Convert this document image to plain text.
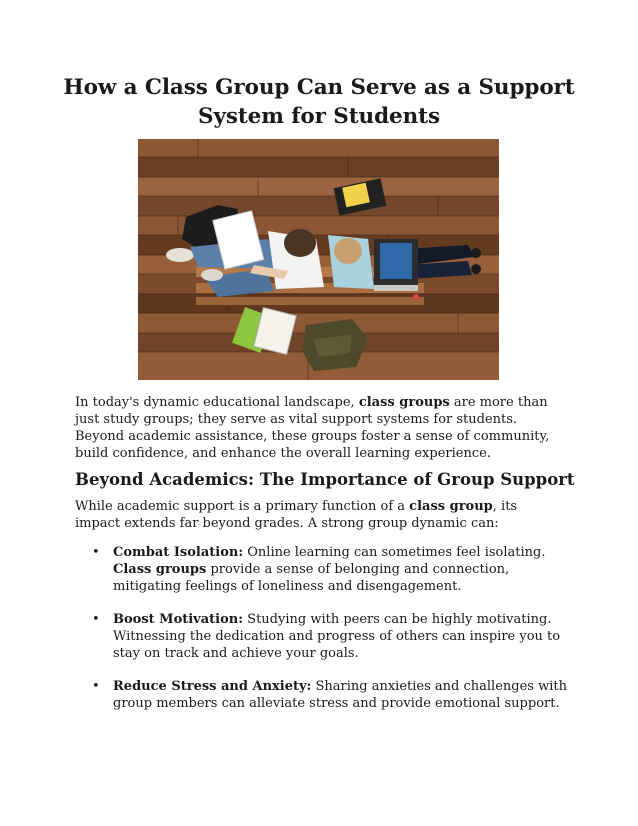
How a Class Group Can Serve as a Support System for Students

In today's dynamic educational landscape, class groups are more than just study groups; they serve as vital support systems for students. Beyond academic assistance, these groups foster a sense of community, build confidence, and enhance the overall learning experience.

Beyond Academics: The Importance of Group Support

While academic support is a primary function of a class group, its impact extends far beyond grades. A strong group dynamic can:

• Combat Isolation: Online learning can sometimes feel isolating. Class groups provide a sense of belonging and connection, mitigating feelings of loneliness and disengagement.
• Boost Motivation: Studying with peers can be highly motivating. Witnessing the dedication and progress of others can inspire you to stay on track and achieve your goals.
• Reduce Stress and Anxiety: Sharing anxieties and challenges with group members can alleviate stress and provide emotional support.
